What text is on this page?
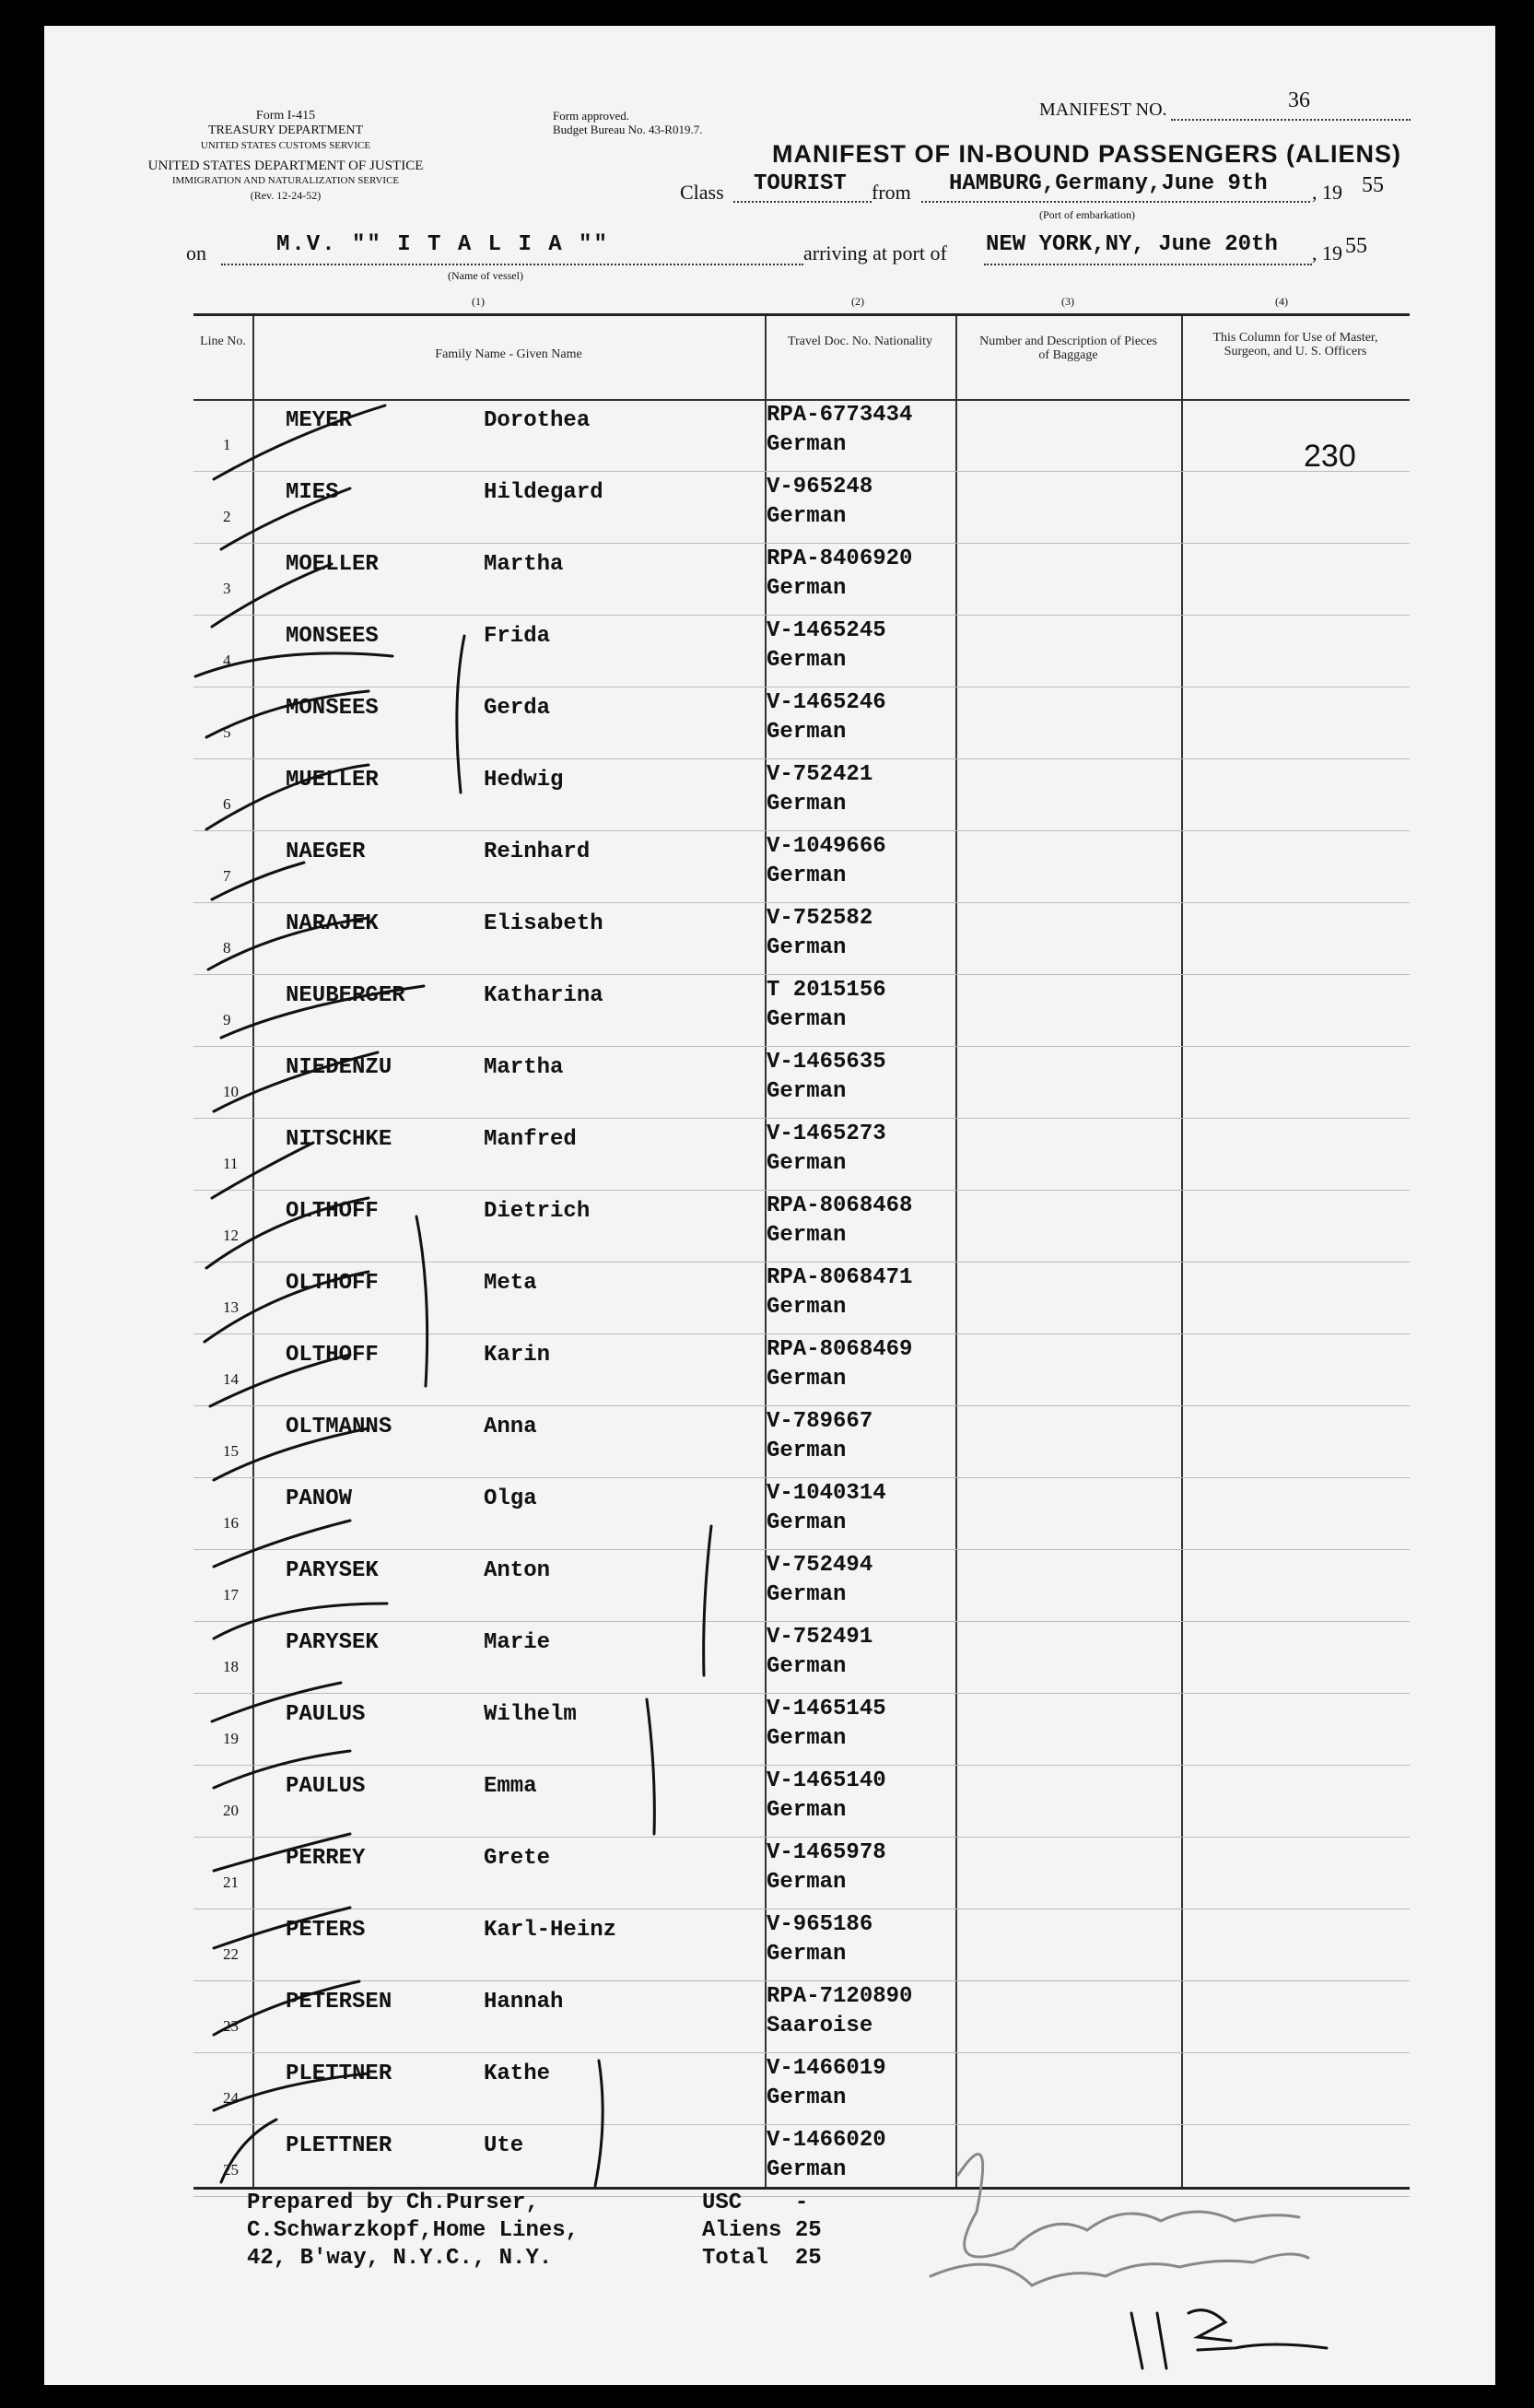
Form I-415
TREASURY DEPARTMENT
UNITED STATES CUSTOMS SERVICE
UNITED STATES DEPARTMENT OF JUSTICE
IMMIGRATION AND NATURALIZATION SERVICE
(Rev. 12-24-52)
Form approved.
Budget Bureau No. 43-R019.7.
MANIFEST NO.	36
MANIFEST OF IN-BOUND PASSENGERS (ALIENS)
Class TOURIST from HAMBURG,Germany,June 9th , 19 55
(Port of embarkation)
on	M.V. "" I T A L I A ""
(Name of vessel)
arriving at port of NEW YORK,NY, June 20th , 19 55
(1)	(2)	(3)	(4)
Line No.
Family Name - Given Name
Travel Doc. No. Nationality	Number and Description of Pieces of Baggage
This Column for Use of Master, Surgeon, and U. S. Officers
1
MEYER	Dorothea	RPA-6773434
German
2
MIES	Hildegard	V-965248
German
3
MOELLER	Martha	RPA-8406920
German
4
MONSEES	Frida	V-1465245
German
5
MONSEES	Gerda	V-1465246
German
6
MUELLER	Hedwig	V-752421
German
7
NAEGER	Reinhard	V-1049666
German
8
NARAJEK	Elisabeth	V-752582
German
9
NEUBERGER	Katharina	T 2015156
German
10
NIEDENZU	Martha	V-1465635
German
11
NITSCHKE	Manfred	V-1465273
German
12
OLTHOFF	Dietrich	RPA-8068468
German
13
OLTHOFF	Meta	RPA-8068471
German
14
OLTHOFF	Karin	RPA-8068469
German
15
OLTMANNS	Anna	V-789667
German
16
PANOW	Olga	V-1040314
German
17
PARYSEK	Anton	V-752494
German
18
PARYSEK	Marie	V-752491
German
19
PAULUS	Wilhelm	V-1465145
German
20
PAULUS	Emma	V-1465140
German
21
PERREY	Grete	V-1465978
German
22
PETERS	Karl-Heinz	V-965186
German
23
PETERSEN	Hannah	RPA-7120890
Saaroise
24
PLETTNER	Kathe	V-1466019
German
25
PLETTNER	Ute	V-1466020
German
230
Prepared by Ch.Purser,
C.Schwarzkopf,Home Lines,
42, B'way, N.Y.C., N.Y.
USC    -
Aliens 25
Total  25
